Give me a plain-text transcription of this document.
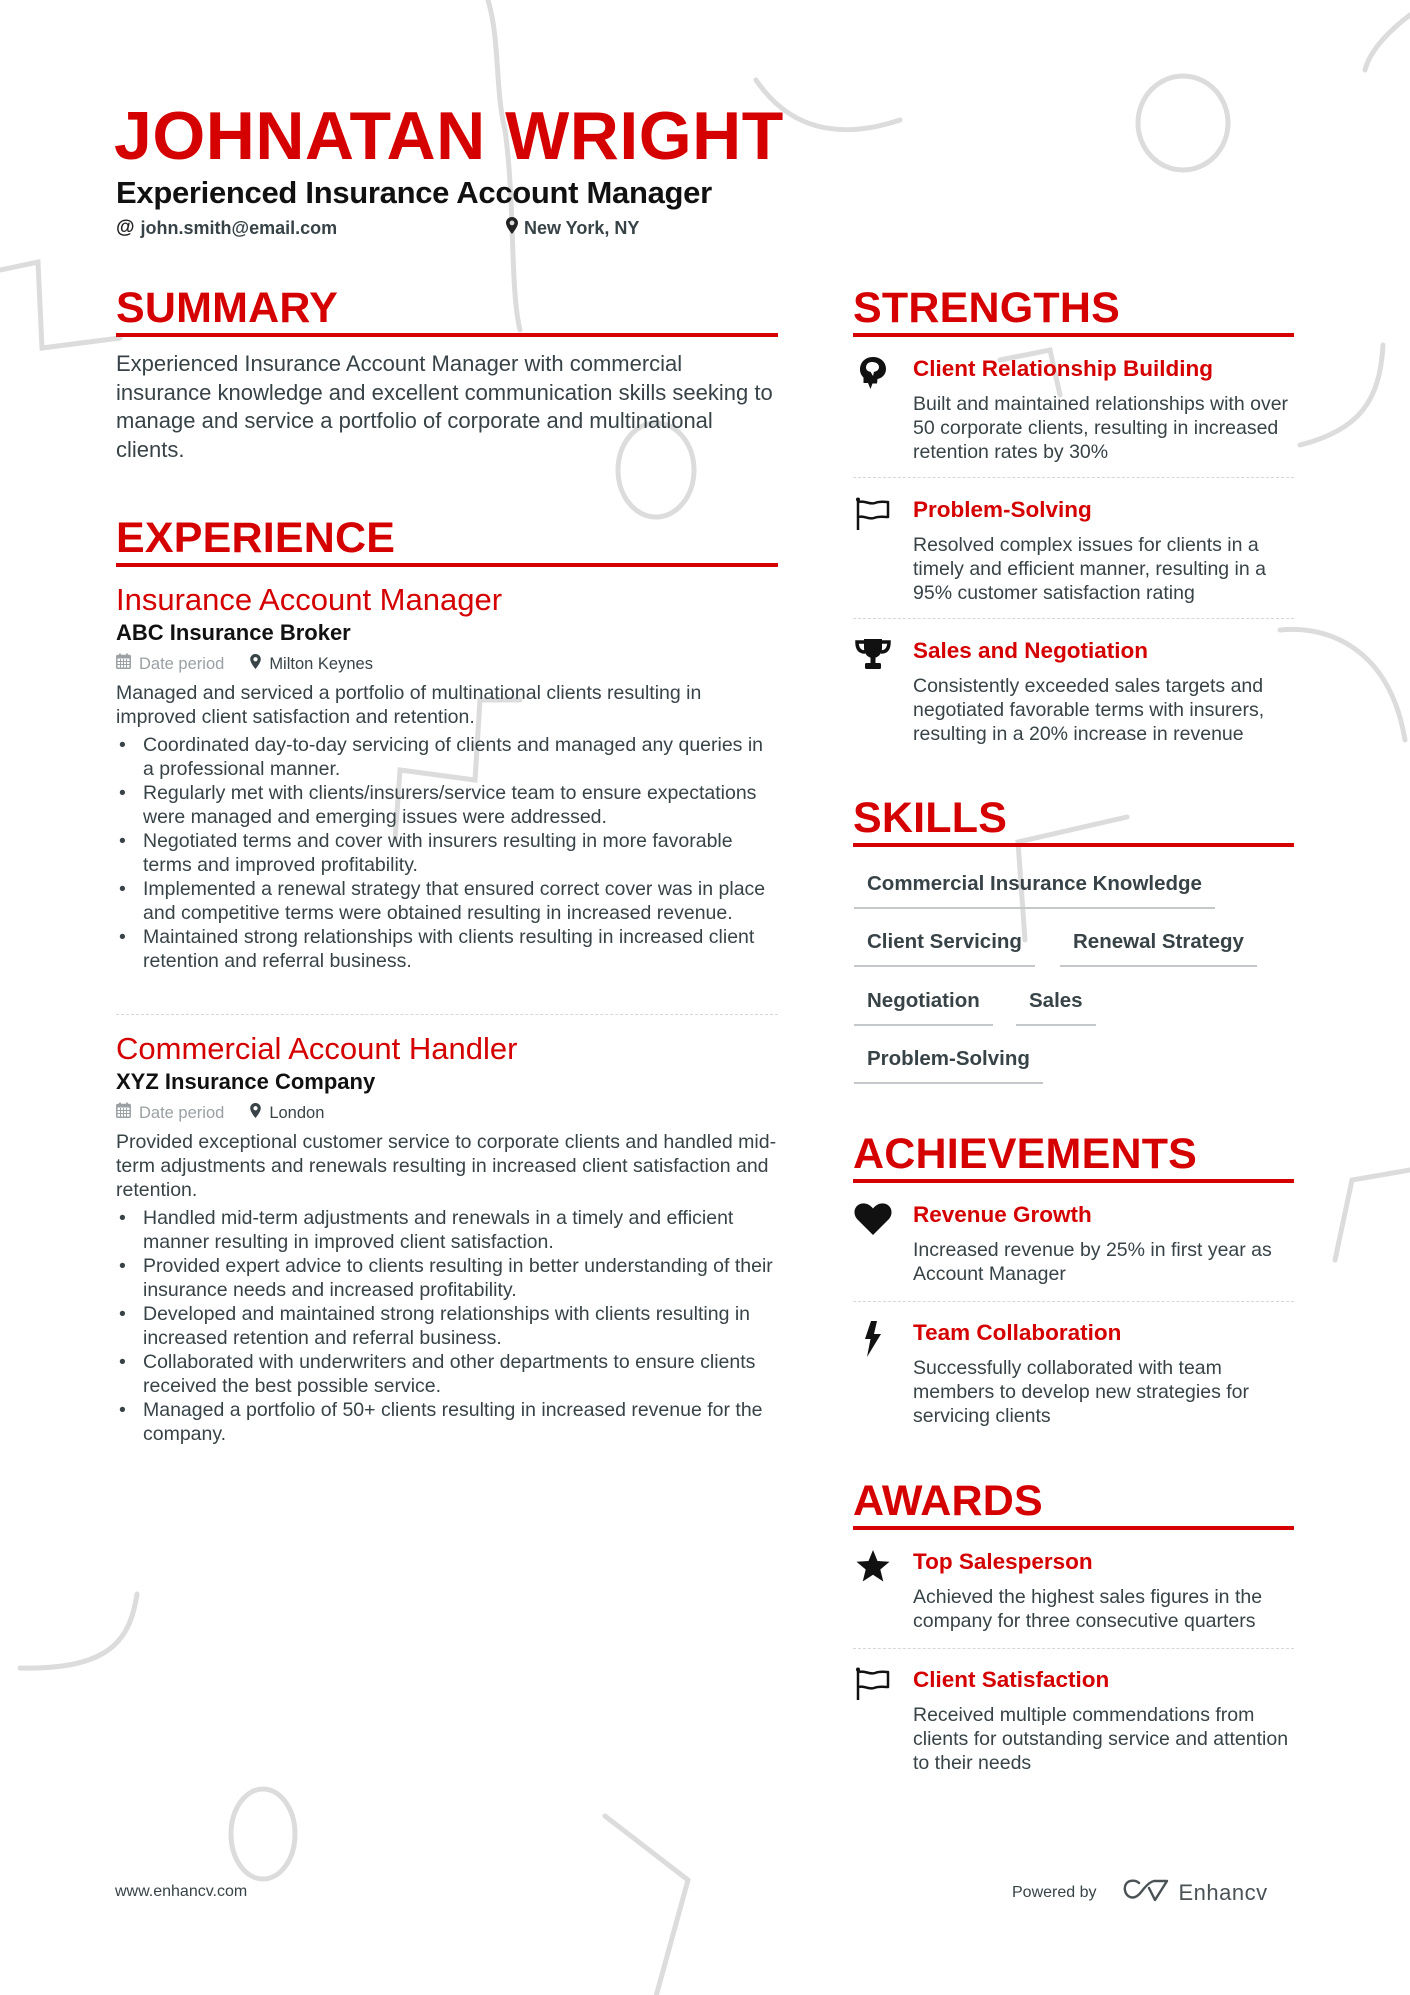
JOHNATAN WRIGHT
Experienced Insurance Account Manager
@ john.smith@email.com	New York, NY
SUMMARY
Experienced Insurance Account Manager with commercial insurance knowledge and excellent communication skills seeking to manage and service a portfolio of corporate and multinational clients.
EXPERIENCE
Insurance Account Manager
ABC Insurance Broker
Date period	Milton Keynes
Managed and serviced a portfolio of multinational clients resulting in improved client satisfaction and retention.
• Coordinated day-to-day servicing of clients and managed any queries in a professional manner.
• Regularly met with clients/insurers/service team to ensure expectations were managed and emerging issues were addressed.
• Negotiated terms and cover with insurers resulting in more favorable terms and improved profitability.
• Implemented a renewal strategy that ensured correct cover was in place and competitive terms were obtained resulting in increased revenue.
• Maintained strong relationships with clients resulting in increased client retention and referral business.
Commercial Account Handler
XYZ Insurance Company
Date period	London
Provided exceptional customer service to corporate clients and handled mid-term adjustments and renewals resulting in increased client satisfaction and retention.
• Handled mid-term adjustments and renewals in a timely and efficient manner resulting in improved client satisfaction.
• Provided expert advice to clients resulting in better understanding of their insurance needs and increased profitability.
• Developed and maintained strong relationships with clients resulting in increased retention and referral business.
• Collaborated with underwriters and other departments to ensure clients received the best possible service.
• Managed a portfolio of 50+ clients resulting in increased revenue for the company.
STRENGTHS
Client Relationship Building
Built and maintained relationships with over 50 corporate clients, resulting in increased retention rates by 30%
Problem-Solving
Resolved complex issues for clients in a timely and efficient manner, resulting in a 95% customer satisfaction rating
Sales and Negotiation
Consistently exceeded sales targets and negotiated favorable terms with insurers, resulting in a 20% increase in revenue
SKILLS
Commercial Insurance Knowledge
Client Servicing	Renewal Strategy
Negotiation	Sales
Problem-Solving
ACHIEVEMENTS
Revenue Growth
Increased revenue by 25% in first year as Account Manager
Team Collaboration
Successfully collaborated with team members to develop new strategies for servicing clients
AWARDS
Top Salesperson
Achieved the highest sales figures in the company for three consecutive quarters
Client Satisfaction
Received multiple commendations from clients for outstanding service and attention to their needs
www.enhancv.com	Powered by	Enhancv
